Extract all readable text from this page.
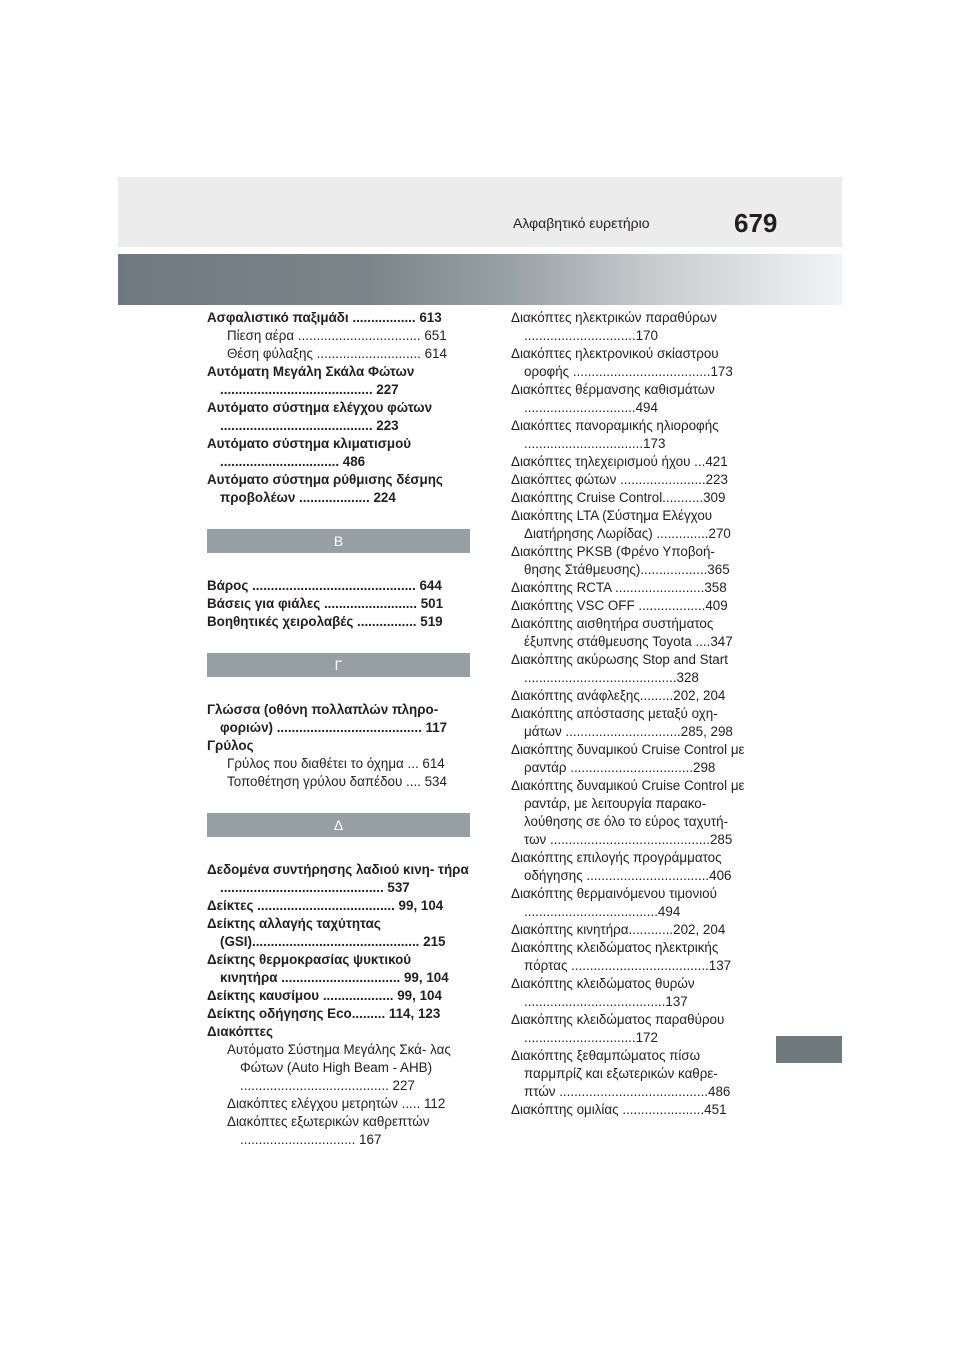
Αλφαβητικό ευρετήριο	679
Ασφαλιστικό παξιμάδι ................. 613
Πίεση αέρα ................................. 651
Θέση φύλαξης ............................ 614
Αυτόματη Μεγάλη Σκάλα Φώτων ......................................... 227
Αυτόματο σύστημα ελέγχου φώτων ......................................... 223
Αυτόματο σύστημα κλιματισμού ................................ 486
Αυτόματο σύστημα ρύθμισης δέσμης προβολέων ................... 224
Β
Βάρος ............................................ 644
Βάσεις για φιάλες ......................... 501
Βοηθητικές χειρολαβές ................ 519
Γ
Γλώσσα (οθόνη πολλαπλών πληρο- φοριών) ....................................... 117
Γρύλος
Γρύλος που διαθέτει το όχημα ... 614
Τοποθέτηση γρύλου δαπέδου .... 534
Δ
Δεδομένα συντήρησης λαδιού κινη- τήρα ............................................ 537
Δείκτες ..................................... 99, 104
Δείκτης αλλαγής ταχύτητας (GSI)............................................. 215
Δείκτης θερμοκρασίας ψυκτικού κινητήρα ................................ 99, 104
Δείκτης καυσίμου ................... 99, 104
Δείκτης οδήγησης Eco......... 114, 123
Διακόπτες
Αυτόματο Σύστημα Μεγάλης Σκά- λας Φώτων (Auto High Beam - AHB) ........................................ 227
Διακόπτες ελέγχου μετρητών ..... 112
Διακόπτες εξωτερικών καθρεπτών ............................... 167
Διακόπτες ηλεκτρικών παραθύρων ..............................170
Διακόπτες ηλεκτρονικού σκίαστρου οροφής .....................................173
Διακόπτες θέρμανσης καθισμάτων ..............................494
Διακόπτες πανοραμικής ηλιοροφής ................................173
Διακόπτες τηλεχειρισμού ήχου ...421
Διακόπτες φώτων .......................223
Διακόπτης Cruise Control...........309
Διακόπτης LTA (Σύστημα Ελέγχου Διατήρησης Λωρίδας) ..............270
Διακόπτης PKSB (Φρένο Υποβοή- θησης Στάθμευσης)..................365
Διακόπτης RCTA ........................358
Διακόπτης VSC OFF ..................409
Διακόπτης αισθητήρα συστήματος έξυπνης στάθμευσης Toyota ....347
Διακόπτης ακύρωσης Stop and Start .........................................328
Διακόπτης ανάφλεξης.........202, 204
Διακόπτης απόστασης μεταξύ οχη- μάτων ...............................285, 298
Διακόπτης δυναμικού Cruise Control με ραντάρ .................................298
Διακόπτης δυναμικού Cruise Control με ραντάρ, με λειτουργία παρακο- λούθησης σε όλο το εύρος ταχυτή- των ...........................................285
Διακόπτης επιλογής προγράμματος οδήγησης .................................406
Διακόπτης θερμαινόμενου τιμονιού ....................................494
Διακόπτης κινητήρα............202, 204
Διακόπτης κλειδώματος ηλεκτρικής πόρτας .....................................137
Διακόπτης κλειδώματος θυρών ......................................137
Διακόπτης κλειδώματος παραθύρου ..............................172
Διακόπτης ξεθαμπώματος πίσω παρμπρίζ και εξωτερικών καθρε- πτών ........................................486
Διακόπτης ομιλίας ......................451
